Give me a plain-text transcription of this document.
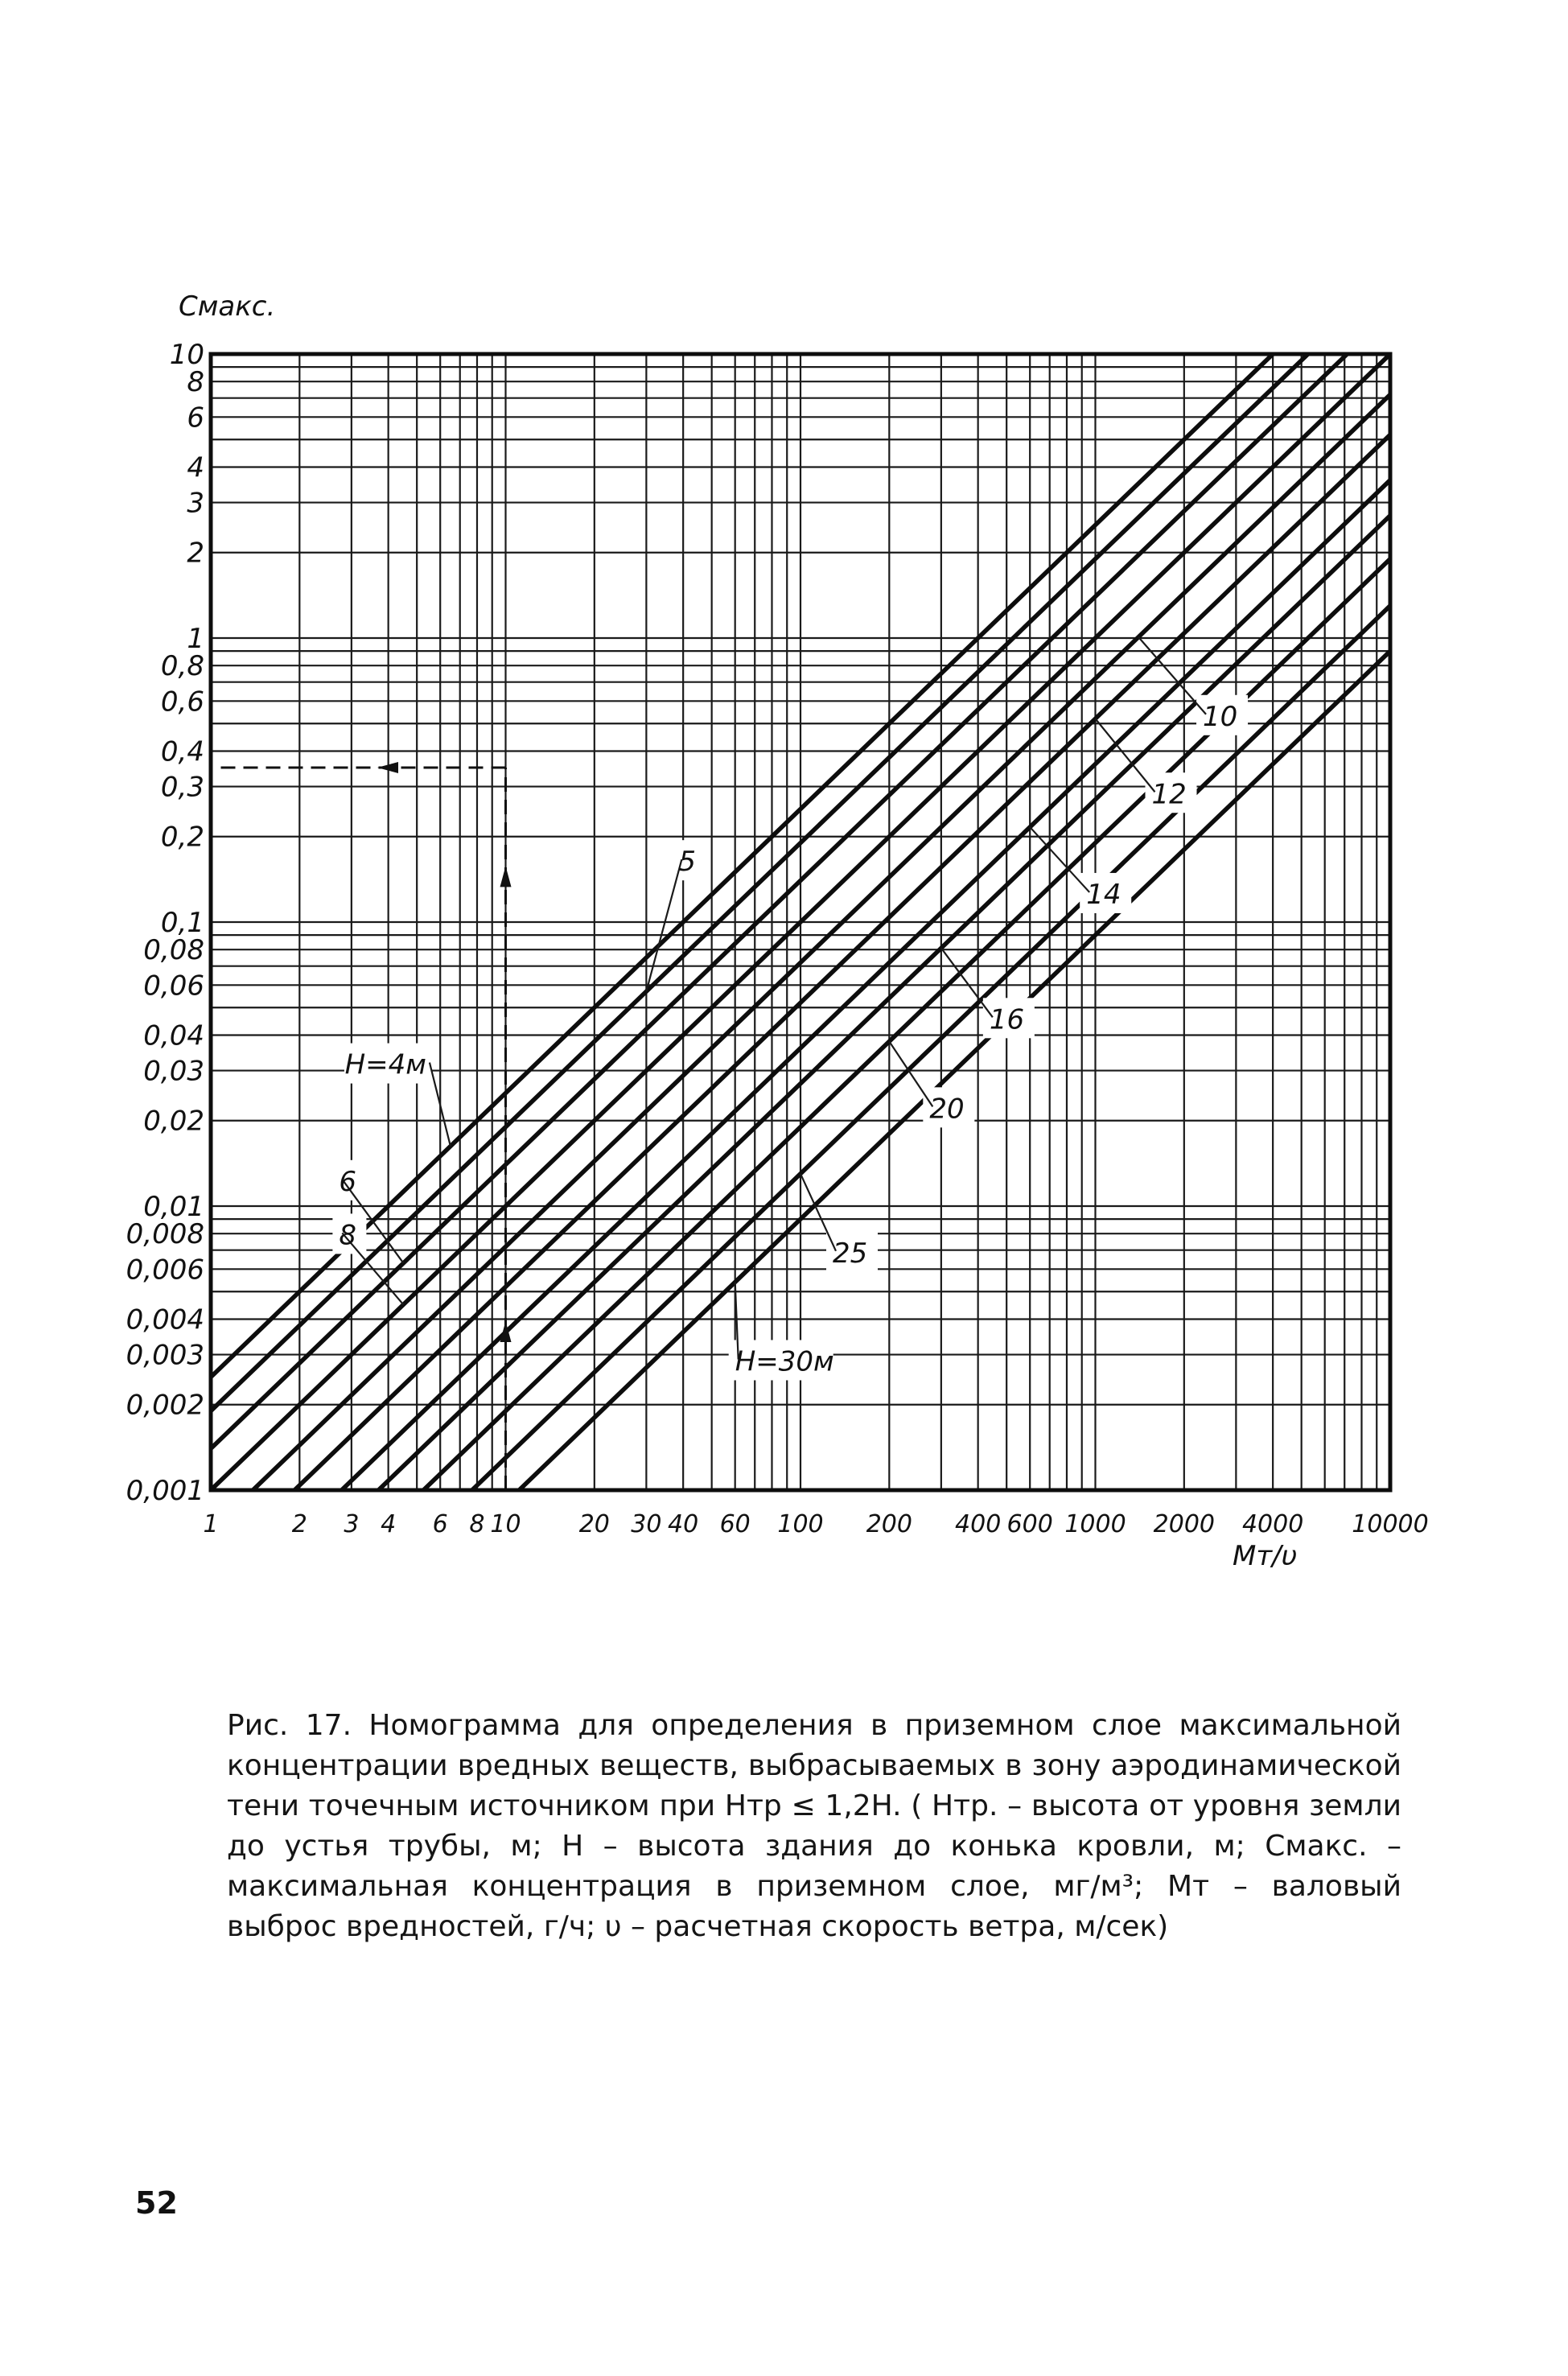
10
8
6
4
3
2
1
0,8
0,6
0,4
0,3
0,2
0,1
0,08
0,06
0,04
0,03
0,02
0,01
0,008
0,006
0,004
0,003
0,002
0,001
1	2 3 4 6 8 10 20 30 40 60 100 200 400 600 1000 2000 4000 10000
H=4м
5
6
8
10
12
14
16
20
25
H=30м
Смакс.
Мт/υ
Рис. 17. Номограмма для определения в приземном слое максимальной концентрации вредных веществ, выбрасываемых в зону аэродинамической тени точечным источником при Hтр ≤ 1,2H. ( Hтр. – высота от уровня земли до устья трубы, м; H – высота здания до конька кровли, м; Cмакс. – максимальная концентрация в приземном слое, мг/м³; Мт – валовый выброс вредностей, г/ч; υ – расчетная скорость ветра, м/сек)
52
